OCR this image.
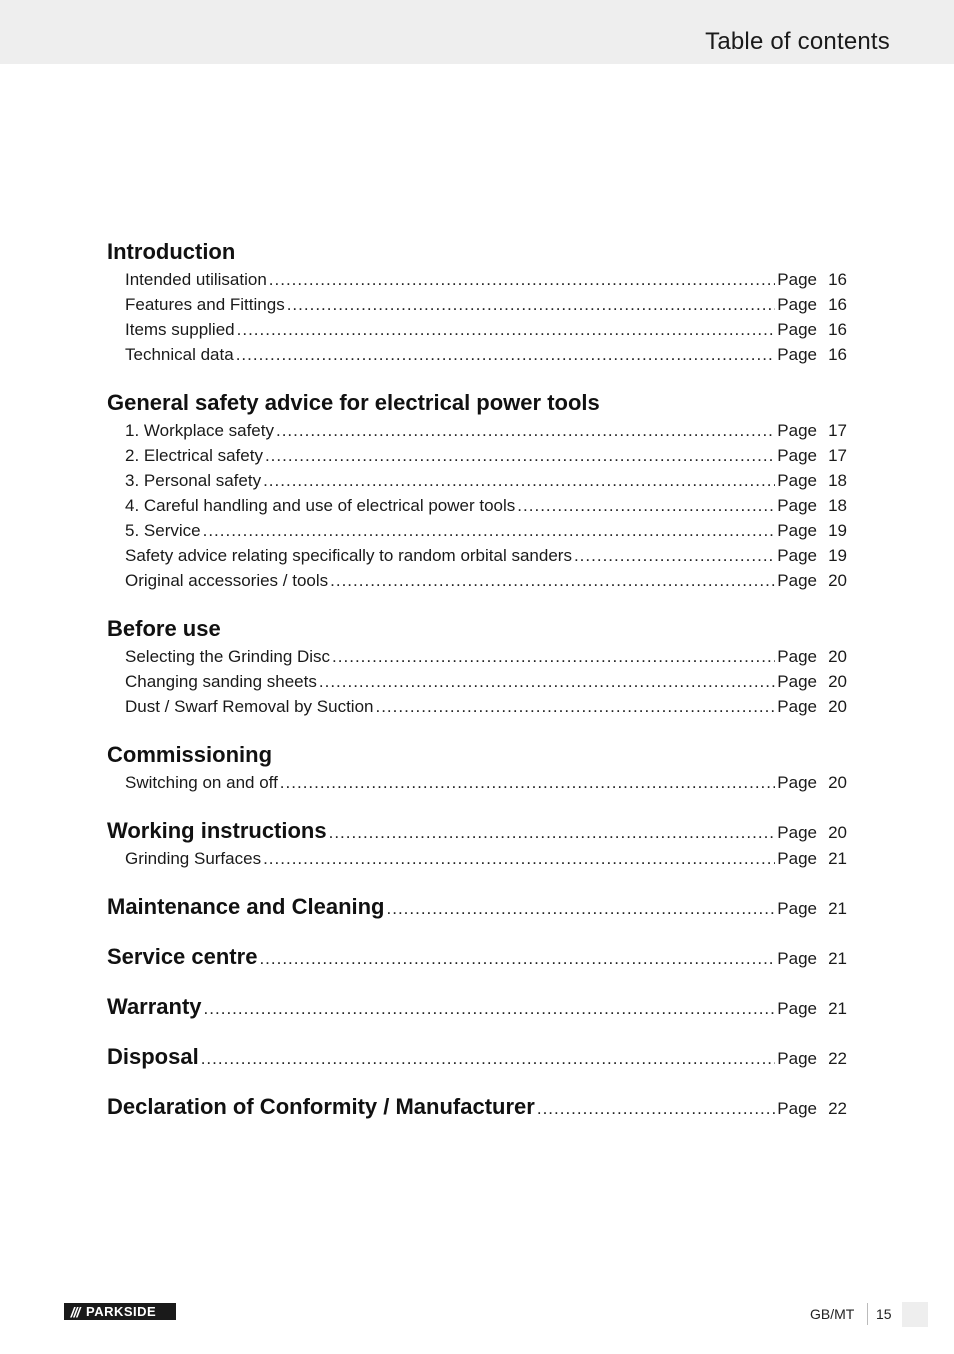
Table of contents
Introduction
Intended utilisation .....	Page 16
Features and Fittings .....	Page 16
Items supplied .....	Page 16
Technical data .....	Page 16
General safety advice for electrical power tools
1. Workplace safety .....	Page 17
2. Electrical safety .....	Page 17
3. Personal safety .....	Page 18
4. Careful handling and use of electrical power tools .....	Page 18
5. Service .....	Page 19
Safety advice relating specifically to random orbital sanders .....	Page 19
Original accessories / tools .....	Page 20
Before use
Selecting the Grinding Disc .....	Page 20
Changing sanding sheets .....	Page 20
Dust / Swarf Removal by Suction .....	Page 20
Commissioning
Switching on and off .....	Page 20
Working instructions .....	Page 20
Grinding Surfaces .....	Page 21
Maintenance and Cleaning .....	Page 21
Service centre .....	Page 21
Warranty .....	Page 21
Disposal .....	Page 22
Declaration of Conformity / Manufacturer .....	Page 22
/// PARKSIDE	GB/MT 15
